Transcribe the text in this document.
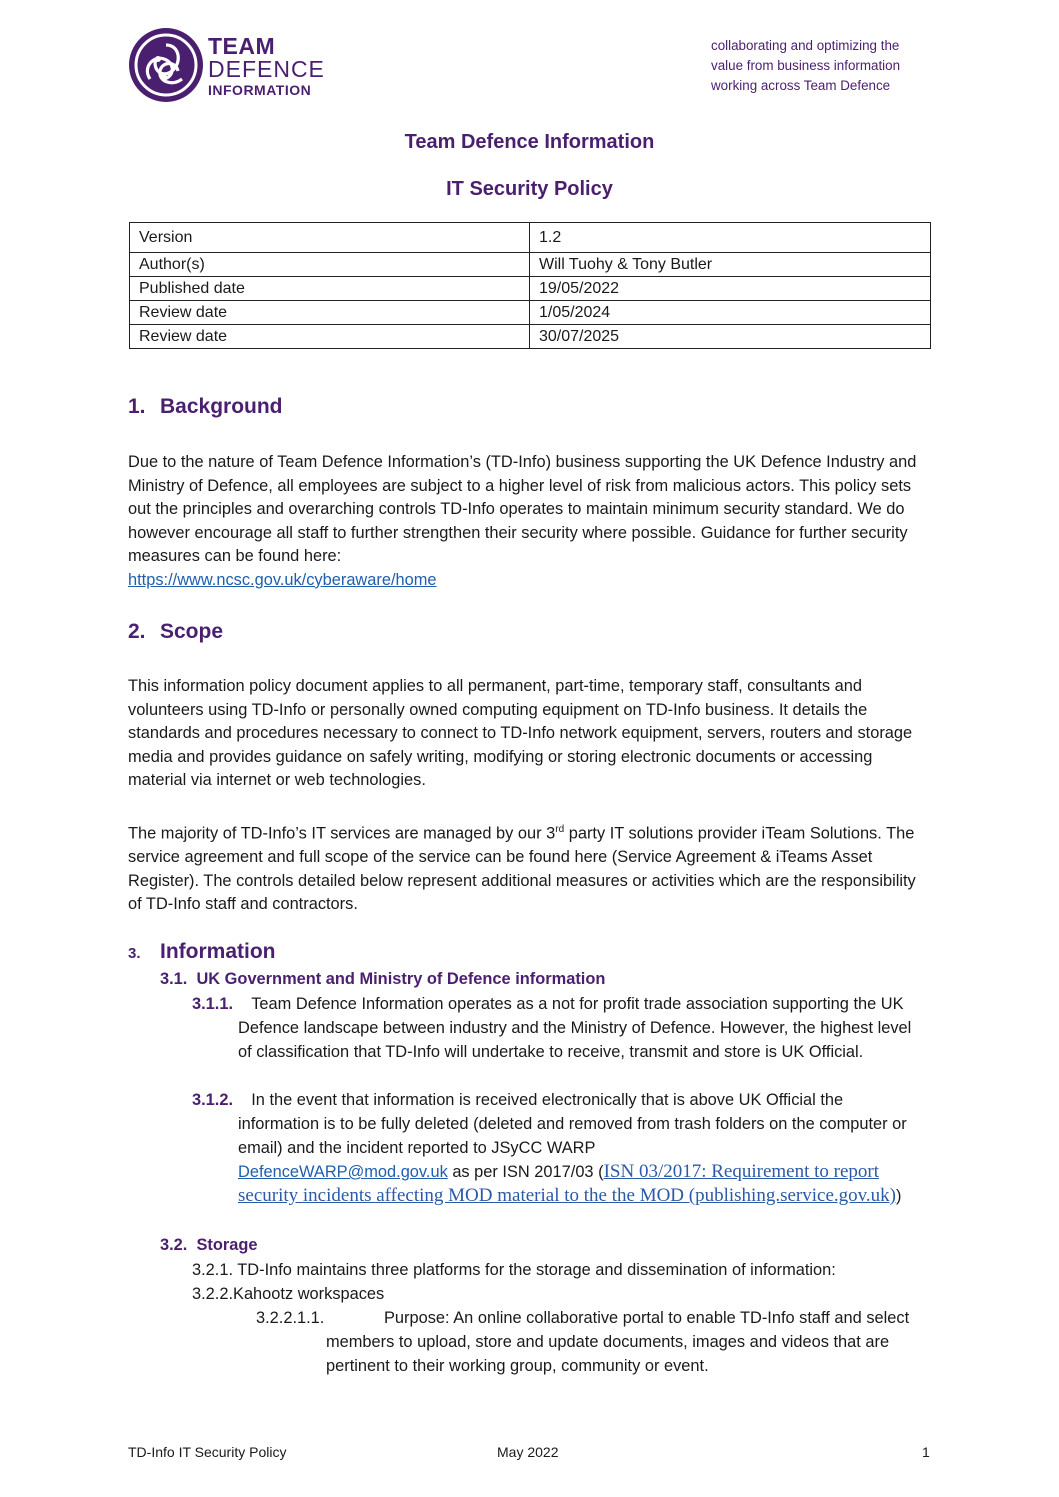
TEAM
DEFENCE
INFORMATION
collaborating and optimizing the
value from business information
working across Team Defence
Team Defence Information
IT Security Policy
Version	1.2
Author(s)	Will Tuohy & Tony Butler
Published date	19/05/2022
Review date	1/05/2024
Review date	30/07/2025
1. Background

Due to the nature of Team Defence Information’s (TD-Info) business supporting the UK Defence Industry and Ministry of Defence, all employees are subject to a higher level of risk from malicious actors. This policy sets out the principles and overarching controls TD-Info operates to maintain minimum security standard. We do however encourage all staff to further strengthen their security where possible. Guidance for further security measures can be found here:
https://www.ncsc.gov.uk/cyberaware/home

2. Scope

This information policy document applies to all permanent, part-time, temporary staff, consultants and volunteers using TD-Info or personally owned computing equipment on TD-Info business. It details the standards and procedures necessary to connect to TD-Info network equipment, servers, routers and storage media and provides guidance on safely writing, modifying or storing electronic documents or accessing material via internet or web technologies.

The majority of TD-Info’s IT services are managed by our 3rd party IT solutions provider iTeam Solutions. The service agreement and full scope of the service can be found here (Service Agreement & iTeams Asset Register). The controls detailed below represent additional measures or activities which are the responsibility of TD-Info staff and contractors.

3. Information
3.1. UK Government and Ministry of Defence information
3.1.1. Team Defence Information operates as a not for profit trade association supporting the UK Defence landscape between industry and the Ministry of Defence. However, the highest level of classification that TD-Info will undertake to receive, transmit and store is UK Official.
3.1.2. In the event that information is received electronically that is above UK Official the information is to be fully deleted (deleted and removed from trash folders on the computer or email) and the incident reported to JSyCC WARP
DefenceWARP@mod.gov.uk as per ISN 2017/03 (ISN 03/2017: Requirement to report security incidents affecting MOD material to the the MOD (publishing.service.gov.uk))
3.2. Storage
3.2.1. TD-Info maintains three platforms for the storage and dissemination of information:
3.2.2.Kahootz workspaces
3.2.2.1.1.	Purpose: An online collaborative portal to enable TD-Info staff and select members to upload, store and update documents, images and videos that are pertinent to their working group, community or event.
TD-Info IT Security Policy	May 2022	1
